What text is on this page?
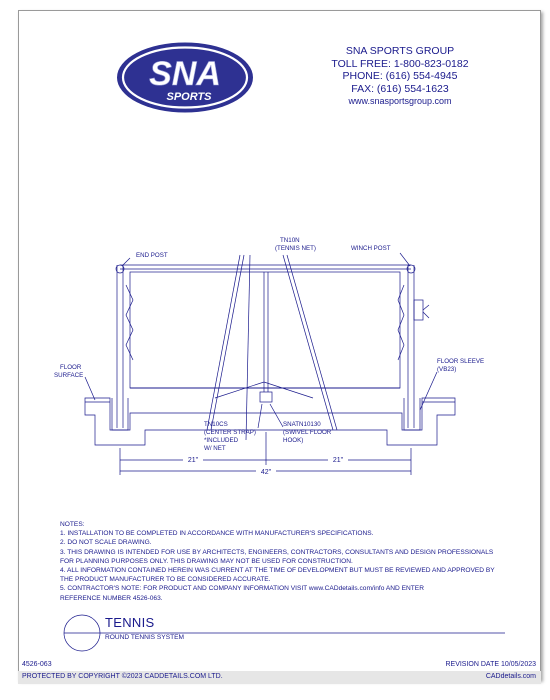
SNA
SPORTS
SNA SPORTS GROUP
TOLL FREE: 1-800-823-0182
PHONE: (616) 554-4945
FAX: (616) 554-1623
www.snasportsgroup.com
21"	21"
42"
END POST
TN10N
(TENNIS NET)	WINCH POST
FLOOR
SURFACE
FLOOR SLEEVE
(VB23)
TN10CS
(CENTER STRAP)
*INCLUDED
W/ NET
SNATN10130
(SWIVEL FLOOR
HOOK)
NOTES:
1. INSTALLATION TO BE COMPLETED IN ACCORDANCE WITH MANUFACTURER'S SPECIFICATIONS.
2. DO NOT SCALE DRAWING.
3. THIS DRAWING IS INTENDED FOR USE BY ARCHITECTS, ENGINEERS, CONTRACTORS, CONSULTANTS AND DESIGN PROFESSIONALS
FOR PLANNING PURPOSES ONLY. THIS DRAWING MAY NOT BE USED FOR CONSTRUCTION.
4. ALL INFORMATION CONTAINED HEREIN WAS CURRENT AT THE TIME OF DEVELOPMENT BUT MUST BE REVIEWED AND APPROVED BY
THE PRODUCT MANUFACTURER TO BE CONSIDERED ACCURATE.
5. CONTRACTOR'S NOTE: FOR PRODUCT AND COMPANY INFORMATION VISIT www.CADdetails.com/info AND ENTER
REFERENCE NUMBER 4526-063.
TENNIS
ROUND TENNIS SYSTEM
4526-063	REVISION DATE 10/05/2023
PROTECTED BY COPYRIGHT ©2023 CADDETAILS.COM LTD.	CADdetails.com
